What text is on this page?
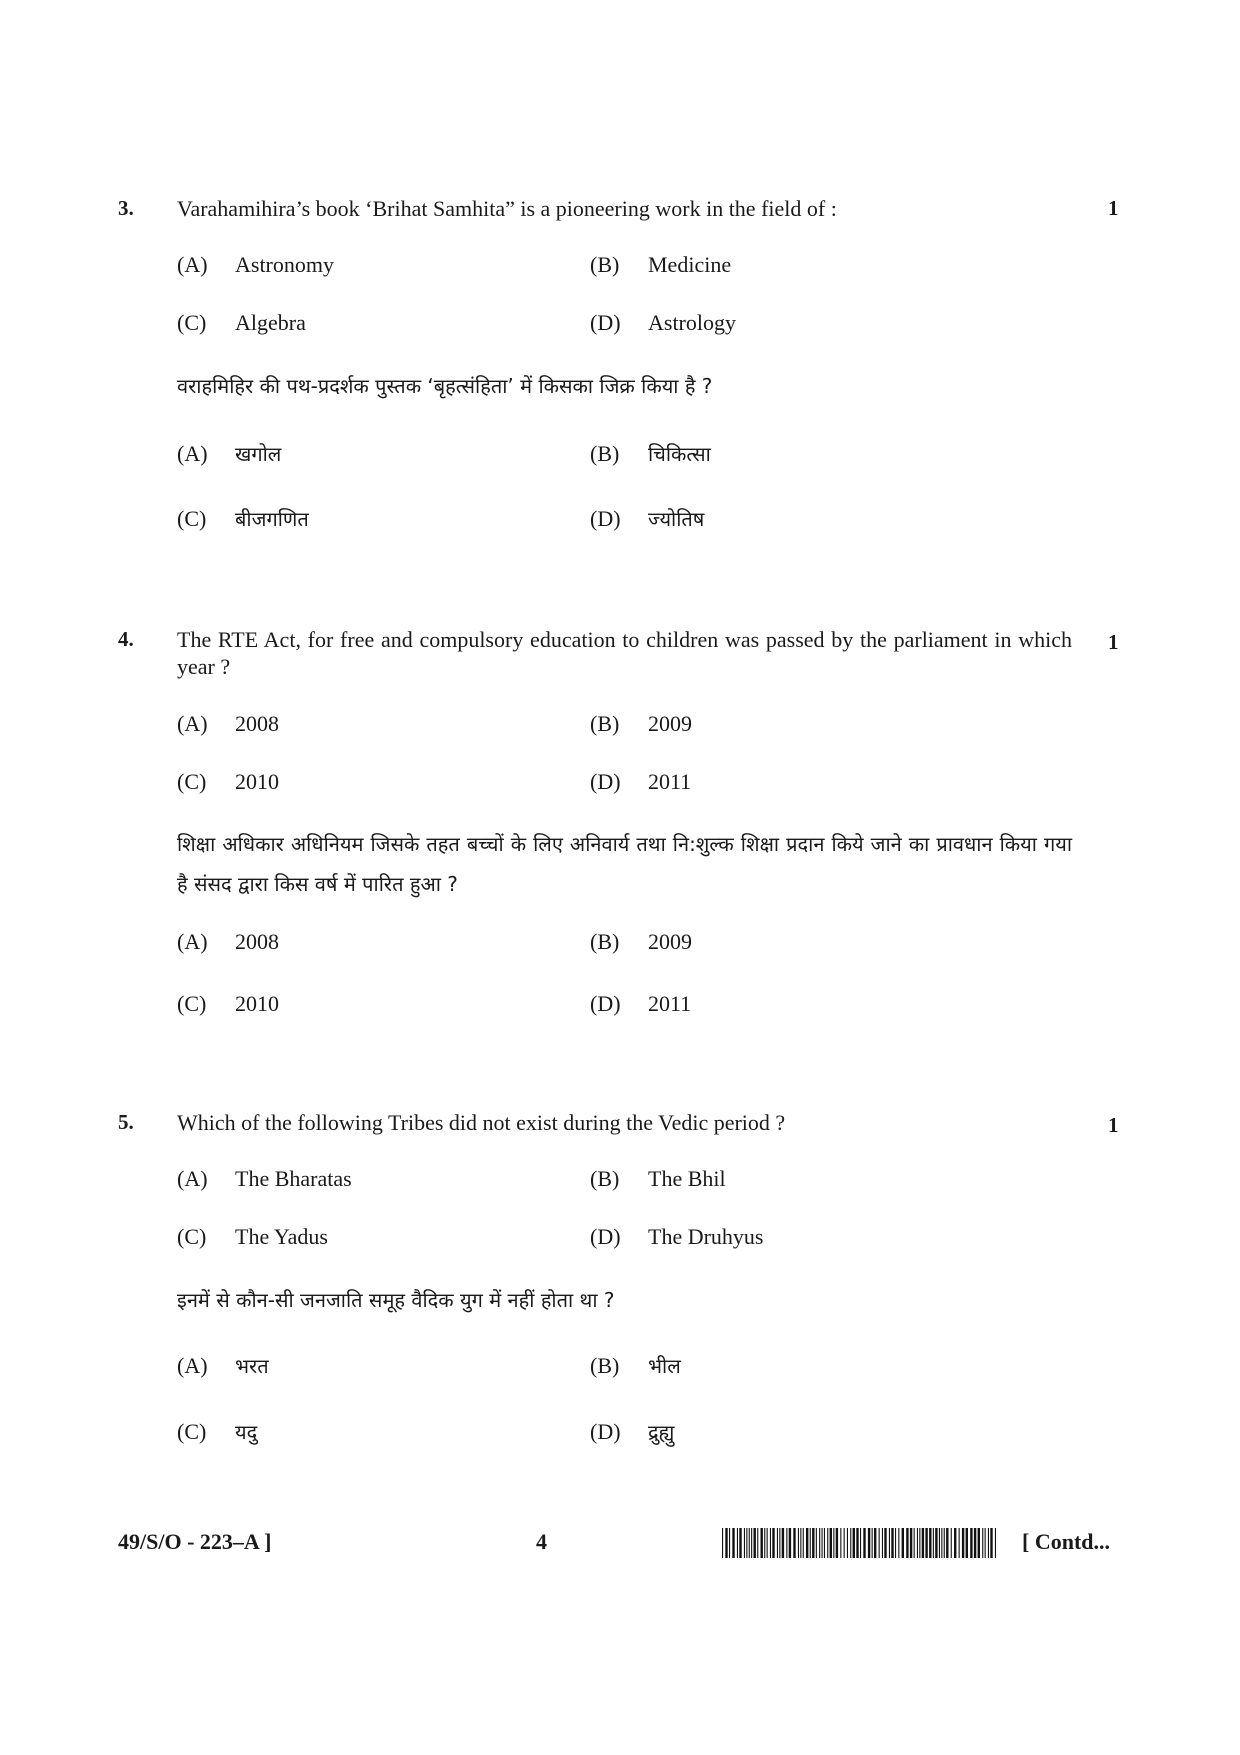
3.	1
Varahamihira’s book ‘Brihat Samhita” is a pioneering work in the field of :
(A) Astronomy	(B) Medicine
(C) Algebra	(D) Astrology
वराहमिहिर की पथ-प्रदर्शक पुस्तक ‘बृहत्संहिता’ में किसका जिक्र किया है ?
(A) खगोल	(B) चिकित्सा
(C) बीजगणित	(D) ज्योतिष
4.	1
The RTE Act, for free and compulsory education to children was passed by the parliament in which year ?
(A) 2008	(B) 2009
(C) 2010	(D) 2011
शिक्षा अधिकार अधिनियम जिसके तहत बच्चों के लिए अनिवार्य तथा नि:शुल्क शिक्षा प्रदान किये जाने का प्रावधान किया गया है संसद द्वारा किस वर्ष में पारित हुआ ?
(A) 2008	(B) 2009
(C) 2010	(D) 2011
5.	1
Which of the following Tribes did not exist during the Vedic period ?
(A) The Bharatas	(B) The Bhil
(C) The Yadus	(D) The Druhyus
इनमें से कौन-सी जनजाति समूह वैदिक युग में नहीं होता था ?
(A) भरत	(B) भील
(C) यदु	(D) द्रुह्यु
49/S/O - 223–A ]	4	[ Contd...
